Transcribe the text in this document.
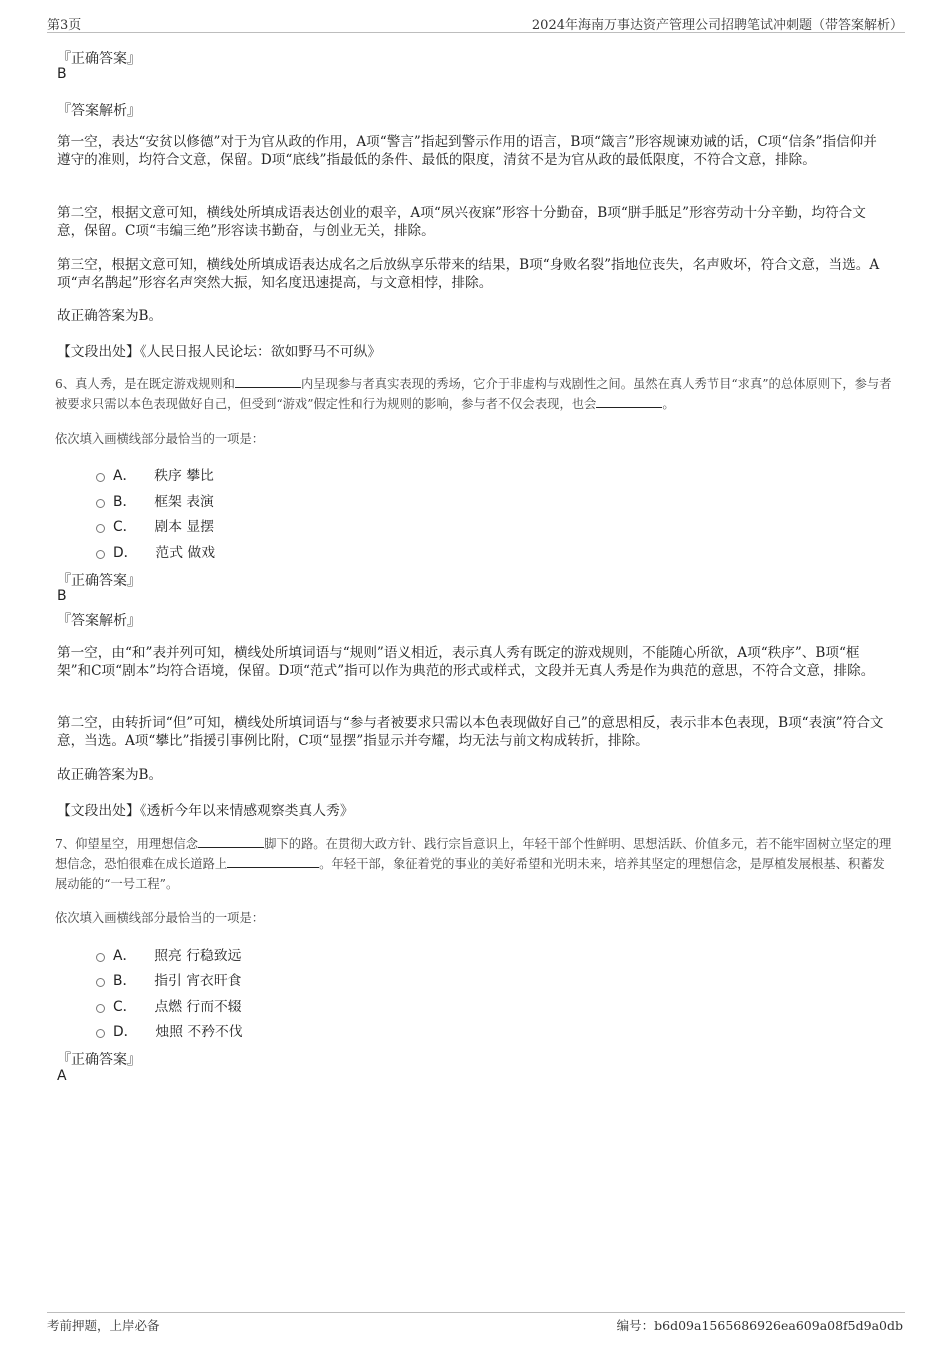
第3页	2024年海南万事达资产管理公司招聘笔试冲刺题（带答案解析）
『正确答案』
B
『答案解析』
第一空，表达“安贫以修德”对于为官从政的作用，A项“警言”指起到警示作用的语言，B项“箴言”形容规谏劝诫的话，C项“信条”指信仰并遵守的准则，均符合文意，保留。D项“底线”指最低的条件、最低的限度，清贫不是为官从政的最低限度，不符合文意，排除。
第二空，根据文意可知，横线处所填成语表达创业的艰辛，A项“夙兴夜寐”形容十分勤奋，B项“胼手胝足”形容劳动十分辛勤，均符合文意，保留。C项“韦编三绝”形容读书勤奋，与创业无关，排除。
第三空，根据文意可知，横线处所填成语表达成名之后放纵享乐带来的结果，B项“身败名裂”指地位丧失，名声败坏，符合文意，当选。A项“声名鹊起”形容名声突然大振，知名度迅速提高，与文意相悖，排除。
故正确答案为B。
【文段出处】《人民日报人民论坛：欲如野马不可纵》
6、真人秀，是在既定游戏规则和	内呈现参与者真实表现的秀场，它介于非虚构与戏剧性之间。虽然在真人秀节目“求真”的总体原则下，参与者被要求只需以本色表现做好自己，但受到“游戏”假定性和行为规则的影响，参与者不仅会表现，也会	。
依次填入画横线部分最恰当的一项是：
A． 秩序 攀比
B． 框架 表演
C． 剧本 显摆
D． 范式 做戏
『正确答案』
B
『答案解析』
第一空，由“和”表并列可知，横线处所填词语与“规则”语义相近，表示真人秀有既定的游戏规则，不能随心所欲，A项“秩序”、B项“框架”和C项“剧本”均符合语境，保留。D项“范式”指可以作为典范的形式或样式，文段并无真人秀是作为典范的意思，不符合文意，排除。
第二空，由转折词“但”可知，横线处所填词语与“参与者被要求只需以本色表现做好自己”的意思相反，表示非本色表现，B项“表演”符合文意，当选。A项“攀比”指援引事例比附，C项“显摆”指显示并夸耀，均无法与前文构成转折，排除。
故正确答案为B。
【文段出处】《透析今年以来情感观察类真人秀》
7、仰望星空，用理想信念	脚下的路。在贯彻大政方针、践行宗旨意识上，年轻干部个性鲜明、思想活跃、价值多元，若不能牢固树立坚定的理想信念，恐怕很难在成长道路上	。年轻干部，象征着党的事业的美好希望和光明未来，培养其坚定的理想信念，是厚植发展根基、积蓄发展动能的“一号工程”。
依次填入画横线部分最恰当的一项是：
A． 照亮 行稳致远
B． 指引 宵衣旰食
C． 点燃 行而不辍
D． 烛照 不矜不伐
『正确答案』
A
考前押题，上岸必备	编号：b6d09a1565686926ea609a08f5d9a0db
